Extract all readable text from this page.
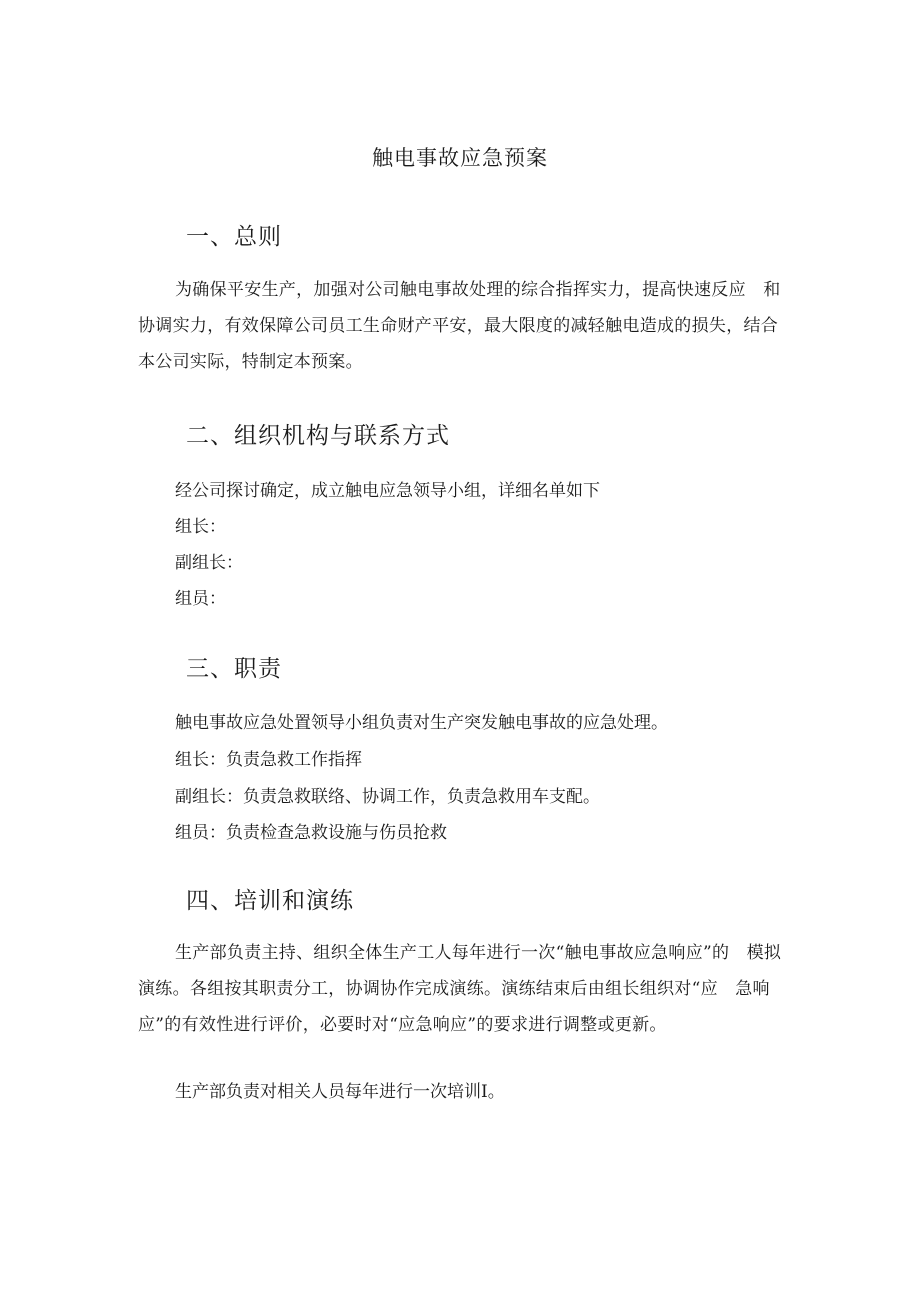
触电事故应急预案
一、总则
为确保平安生产，加强对公司触电事故处理的综合指挥实力，提高快速反应　和协调实力，有效保障公司员工生命财产平安，最大限度的减轻触电造成的损失，结合本公司实际，特制定本预案。
二、组织机构与联系方式
经公司探讨确定，成立触电应急领导小组，详细名单如下
组长：
副组长：
组员：
三、职责
触电事故应急处置领导小组负责对生产突发触电事故的应急处理。
组长：负责急救工作指挥
副组长：负责急救联络、协调工作，负责急救用车支配。
组员：负责检查急救设施与伤员抢救
四、培训和演练
生产部负责主持、组织全体生产工人每年进行一次“触电事故应急响应”的　模拟演练。各组按其职责分工，协调协作完成演练。演练结束后由组长组织对“应　急响应”的有效性进行评价，必要时对“应急响应”的要求进行调整或更新。
生产部负责对相关人员每年进行一次培训I。
